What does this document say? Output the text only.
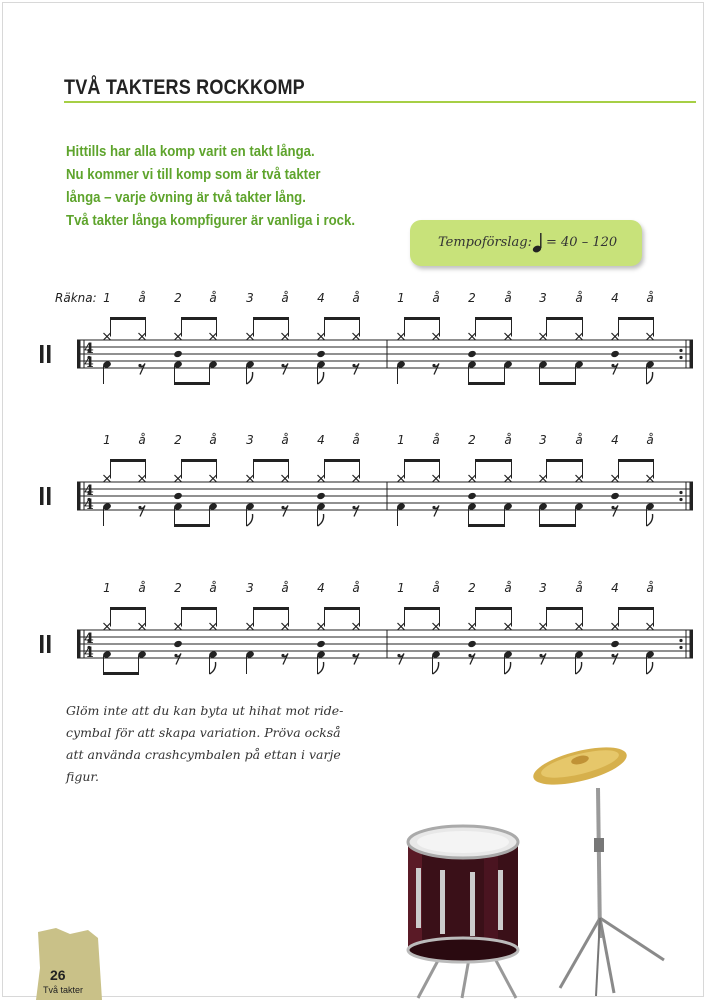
TVÅ TAKTERS ROCKKOMP
Hittills har alla komp varit en takt långa.
Nu kommer vi till komp som är två takter
långa – varje övning är två takter lång.
Två takter långa kompfigurer är vanliga i rock.
Tempoförslag: = 40 – 120
Räkna: 1	å	2	å	3	å	4	å	1	å	2	å	3	å	4	å
4
4
1	å	2	å	3	å	4	å	1	å	2	å	3	å	4	å
4
4
1	å	2	å	3	å	4	å	1	å	2	å	3	å	4	å
4
4
Glöm inte att du kan byta ut hihat mot ride-
cymbal för att skapa variation. Pröva också
att använda crashcymbalen på ettan i varje
figur.
26
Två takter
